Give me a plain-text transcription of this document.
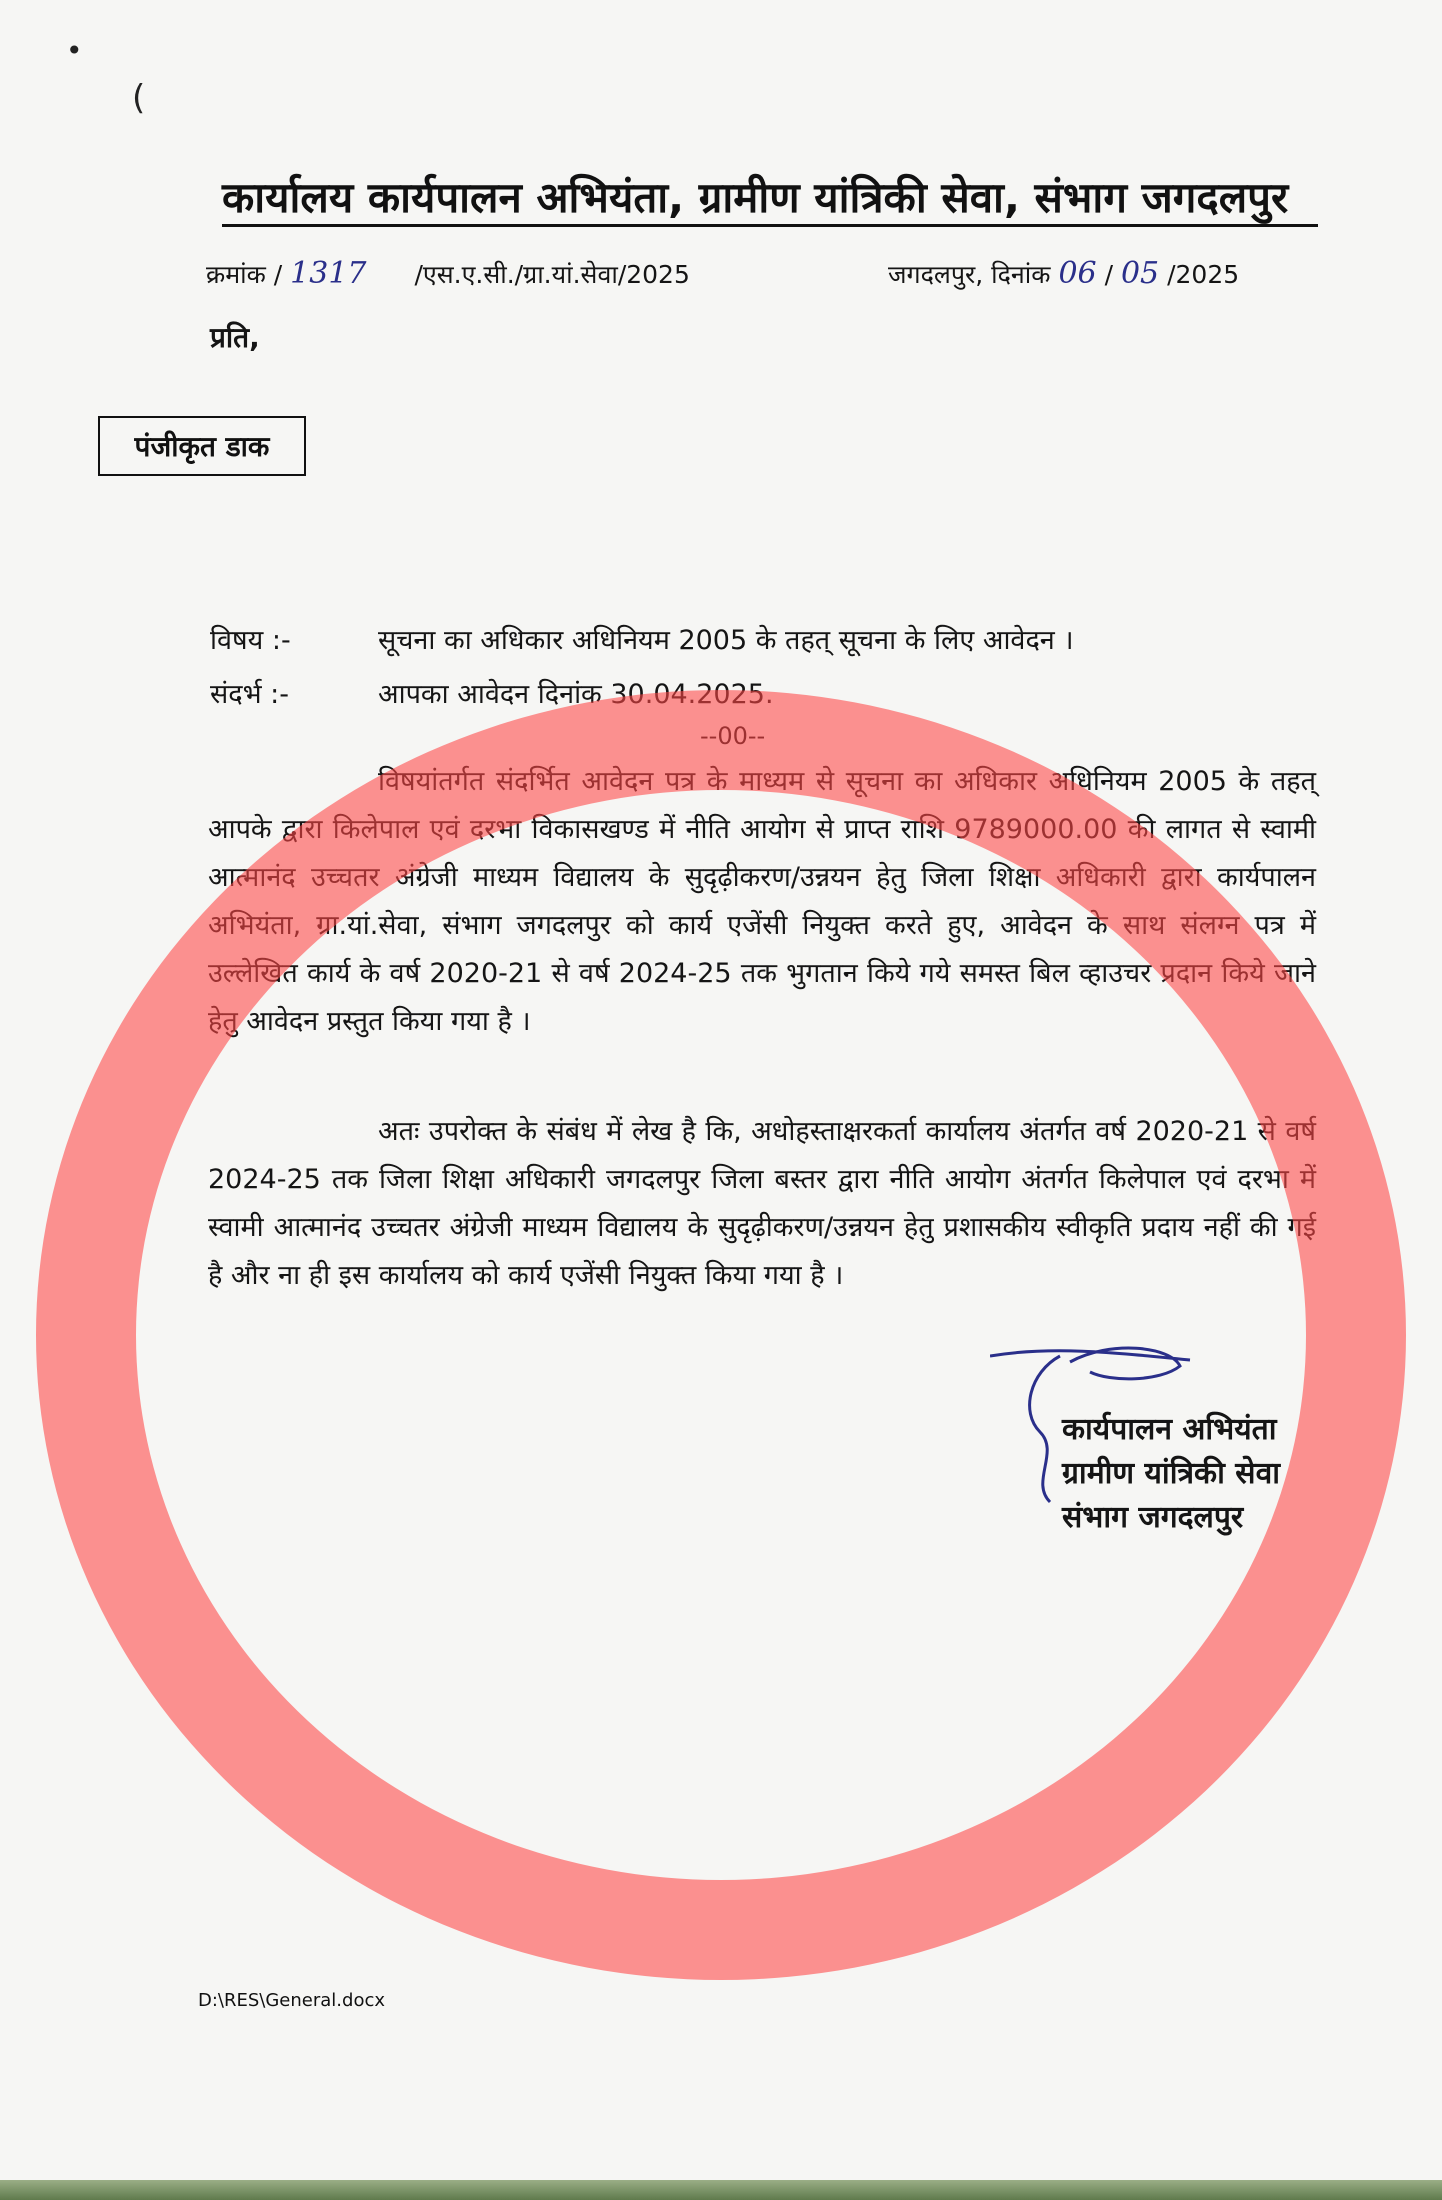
•
(
कार्यालय कार्यपालन अभियंता, ग्रामीण यांत्रिकी सेवा, संभाग जगदलपुर
क्रमांक / 1317 /एस.ए.सी./ग्रा.यां.सेवा/2025	जगदलपुर, दिनांक 06 / 05 /2025
प्रति,
पंजीकृत डाक
विषय :-	सूचना का अधिकार अधिनियम 2005 के तहत् सूचना के लिए आवेदन ।
संदर्भ :-	आपका आवेदन दिनांक 30.04.2025.
--00--
विषयांतर्गत संदर्भित आवेदन पत्र के माध्यम से सूचना का अधिकार अधिनियम 2005 के तहत् आपके द्वारा किलेपाल एवं दरभा विकासखण्ड में नीति आयोग से प्राप्त राशि 9789000.00 की लागत से स्वामी आत्मानंद उच्चतर अंग्रेजी माध्यम विद्यालय के सुदृढ़ीकरण/उन्नयन हेतु जिला शिक्षा अधिकारी द्वारा कार्यपालन अभियंता, ग्रा.यां.सेवा, संभाग जगदलपुर को कार्य एजेंसी नियुक्त करते हुए, आवेदन के साथ संलग्न पत्र में उल्लेखित कार्य के वर्ष 2020-21 से वर्ष 2024-25 तक भुगतान किये गये समस्त बिल व्हाउचर प्रदान किये जाने हेतु आवेदन प्रस्तुत किया गया है ।
अतः उपरोक्त के संबंध में लेख है कि, अधोहस्ताक्षरकर्ता कार्यालय अंतर्गत वर्ष 2020-21 से वर्ष 2024-25 तक जिला शिक्षा अधिकारी जगदलपुर जिला बस्तर द्वारा नीति आयोग अंतर्गत किलेपाल एवं दरभा में स्वामी आत्मानंद उच्चतर अंग्रेजी माध्यम विद्यालय के सुदृढ़ीकरण/उन्नयन हेतु प्रशासकीय स्वीकृति प्रदाय नहीं की गई है और ना ही इस कार्यालय को कार्य एजेंसी नियुक्त किया गया है ।
कार्यपालन अभियंता
ग्रामीण यांत्रिकी सेवा
संभाग जगदलपुर
D:\RES\General.docx
